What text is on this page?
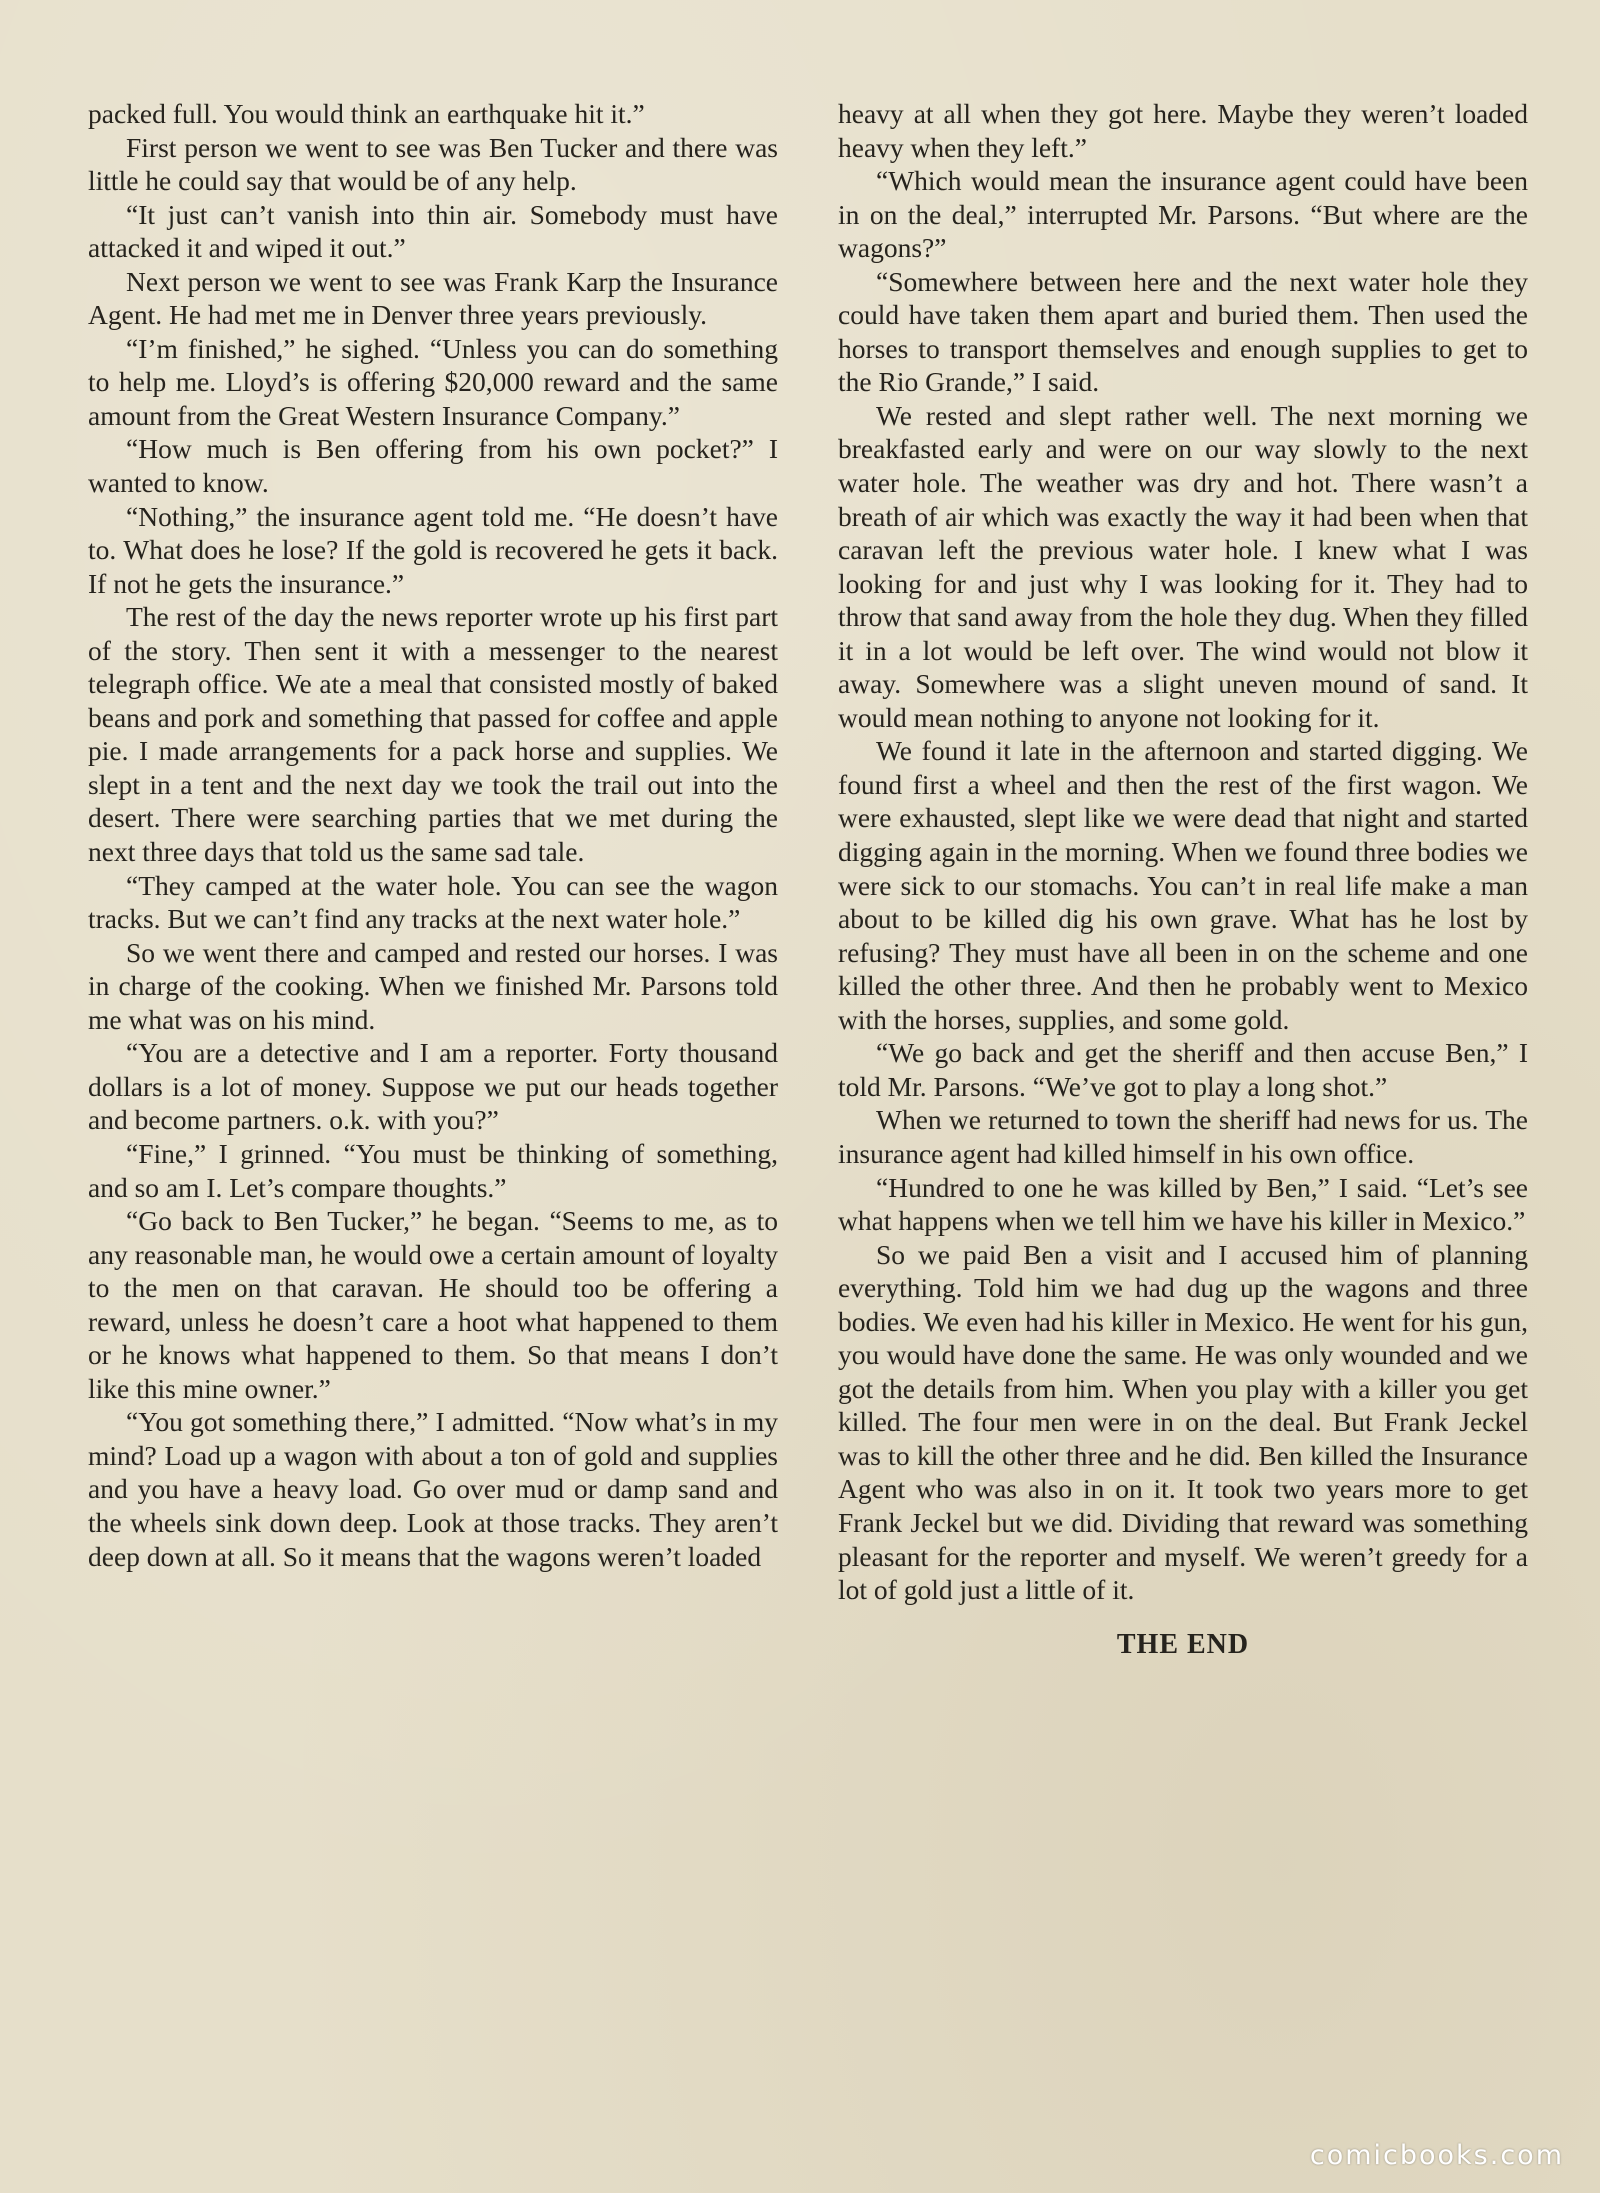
packed full. You would think an earthquake hit it.”

First person we went to see was Ben Tucker and there was little he could say that would be of any help.

“It just can’t vanish into thin air. Somebody must have attacked it and wiped it out.”

Next person we went to see was Frank Karp the Insurance Agent. He had met me in Denver three years previously.

“I’m finished,” he sighed. “Unless you can do something to help me. Lloyd’s is offering $20,000 reward and the same amount from the Great Western Insurance Company.”

“How much is Ben offering from his own pocket?” I wanted to know.

“Nothing,” the insurance agent told me. “He doesn’t have to. What does he lose? If the gold is recovered he gets it back. If not he gets the insurance.”

The rest of the day the news reporter wrote up his first part of the story. Then sent it with a messenger to the nearest telegraph office. We ate a meal that consisted mostly of baked beans and pork and something that passed for coffee and apple pie. I made arrangements for a pack horse and supplies. We slept in a tent and the next day we took the trail out into the desert. There were searching parties that we met during the next three days that told us the same sad tale.

“They camped at the water hole. You can see the wagon tracks. But we can’t find any tracks at the next water hole.”

So we went there and camped and rested our horses. I was in charge of the cooking. When we finished Mr. Parsons told me what was on his mind.

“You are a detective and I am a reporter. Forty thousand dollars is a lot of money. Suppose we put our heads together and become partners. o.k. with you?”

“Fine,” I grinned. “You must be thinking of something, and so am I. Let’s compare thoughts.”

“Go back to Ben Tucker,” he began. “Seems to me, as to any reasonable man, he would owe a certain amount of loyalty to the men on that caravan. He should too be offering a reward, unless he doesn’t care a hoot what happened to them or he knows what happened to them. So that means I don’t like this mine owner.”

“You got something there,” I admitted. “Now what’s in my mind? Load up a wagon with about a ton of gold and supplies and you have a heavy load. Go over mud or damp sand and the wheels sink down deep. Look at those tracks. They aren’t deep down at all. So it means that the wagons weren’t loaded

heavy at all when they got here. Maybe they weren’t loaded heavy when they left.”

“Which would mean the insurance agent could have been in on the deal,” interrupted Mr. Parsons. “But where are the wagons?”

“Somewhere between here and the next water hole they could have taken them apart and buried them. Then used the horses to transport themselves and enough supplies to get to the Rio Grande,” I said.

We rested and slept rather well. The next morning we breakfasted early and were on our way slowly to the next water hole. The weather was dry and hot. There wasn’t a breath of air which was exactly the way it had been when that caravan left the previous water hole. I knew what I was looking for and just why I was looking for it. They had to throw that sand away from the hole they dug. When they filled it in a lot would be left over. The wind would not blow it away. Somewhere was a slight uneven mound of sand. It would mean nothing to anyone not looking for it.

We found it late in the afternoon and started digging. We found first a wheel and then the rest of the first wagon. We were exhausted, slept like we were dead that night and started digging again in the morning. When we found three bodies we were sick to our stomachs. You can’t in real life make a man about to be killed dig his own grave. What has he lost by refusing? They must have all been in on the scheme and one killed the other three. And then he probably went to Mexico with the horses, supplies, and some gold.

“We go back and get the sheriff and then accuse Ben,” I told Mr. Parsons. “We’ve got to play a long shot.”

When we returned to town the sheriff had news for us. The insurance agent had killed himself in his own office.

“Hundred to one he was killed by Ben,” I said. “Let’s see what happens when we tell him we have his killer in Mexico.”

So we paid Ben a visit and I accused him of planning everything. Told him we had dug up the wagons and three bodies. We even had his killer in Mexico. He went for his gun, you would have done the same. He was only wounded and we got the details from him. When you play with a killer you get killed. The four men were in on the deal. But Frank Jeckel was to kill the other three and he did. Ben killed the Insurance Agent who was also in on it. It took two years more to get Frank Jeckel but we did. Dividing that reward was something pleasant for the reporter and myself. We weren’t greedy for a lot of gold just a little of it.

THE END

comicbooks.com
